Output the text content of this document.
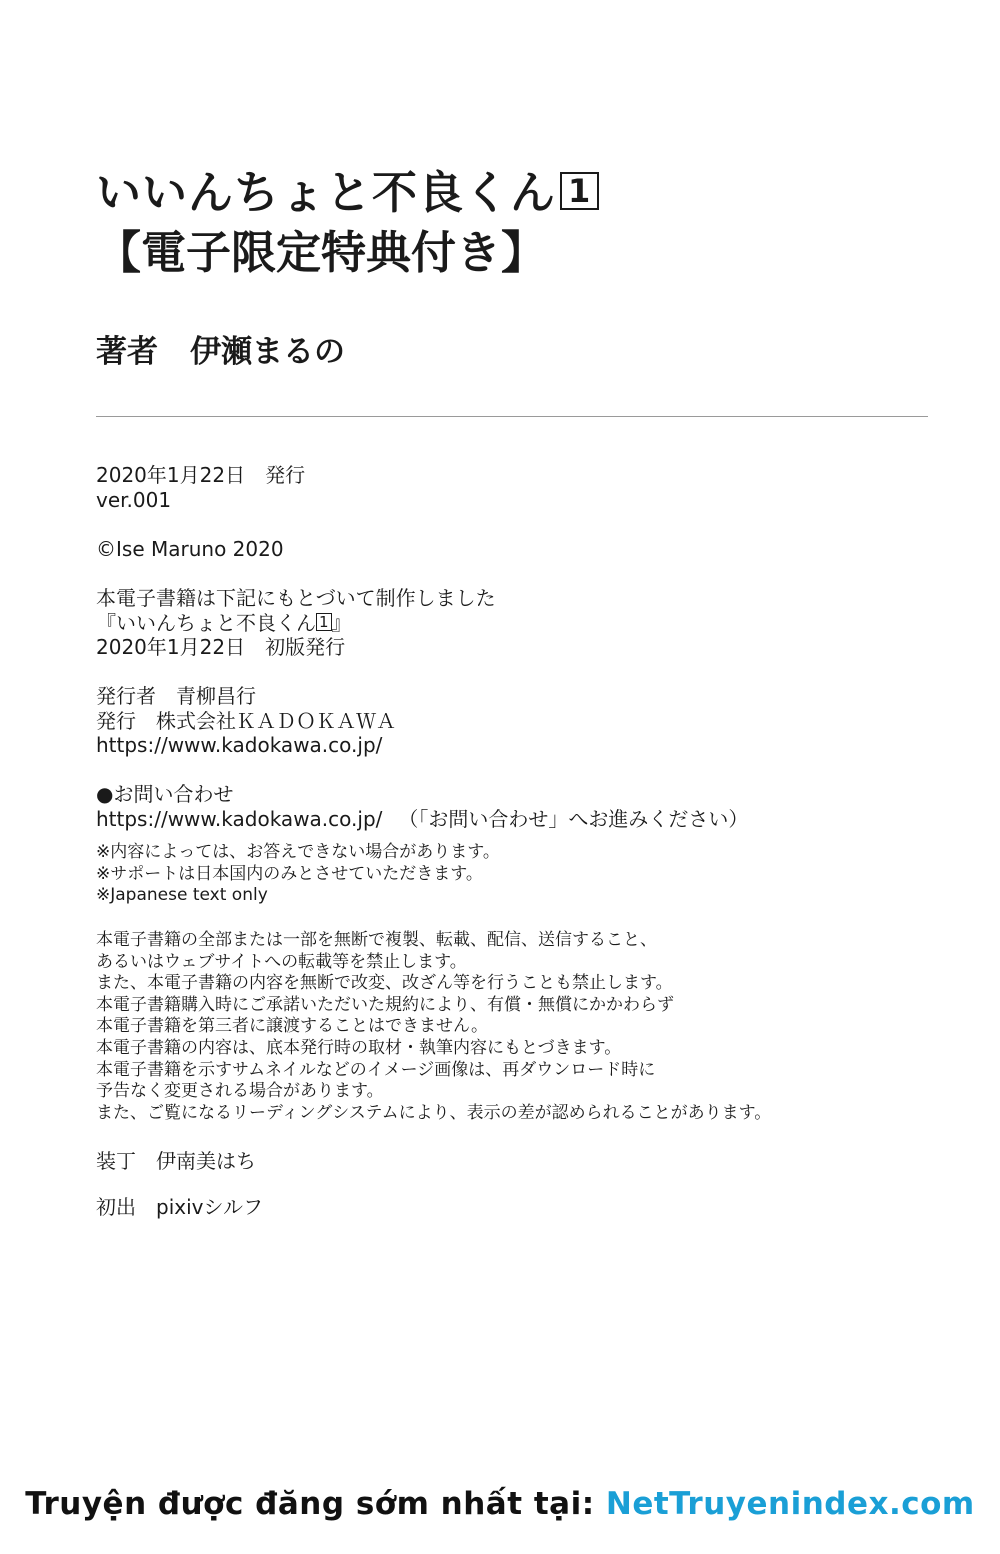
いいんちょと不良くん 1
【電子限定特典付き】
著者 伊瀬まるの
2020年1月22日 発行
ver.001
©Ise Maruno 2020
本電子書籍は下記にもとづいて制作しました
『いいんちょと不良くん 1 』
2020年1月22日 初版発行
発行者 青柳昌行
発行 株式会社ＫＡＤＯＫＡＷＡ
https://www.kadokawa.co.jp/
●お問い合わせ
https://www.kadokawa.co.jp/ （「お問い合わせ」へお進みください）
※内容によっては、お答えできない場合があります。
※サポートは日本国内のみとさせていただきます。
※Japanese text only
本電子書籍の全部または一部を無断で複製、転載、配信、送信すること、
あるいはウェブサイトへの転載等を禁止します。
また、本電子書籍の内容を無断で改変、改ざん等を行うことも禁止します。
本電子書籍購入時にご承諾いただいた規約により、有償・無償にかかわらず
本電子書籍を第三者に譲渡することはできません。
本電子書籍の内容は、底本発行時の取材・執筆内容にもとづきます。
本電子書籍を示すサムネイルなどのイメージ画像は、再ダウンロード時に
予告なく変更される場合があります。
また、ご覧になるリーディングシステムにより、表示の差が認められることがあります。
装丁 伊南美はち
初出 pixivシルフ
Truyện được đăng sớm nhất tại: NetTruyenindex.com
